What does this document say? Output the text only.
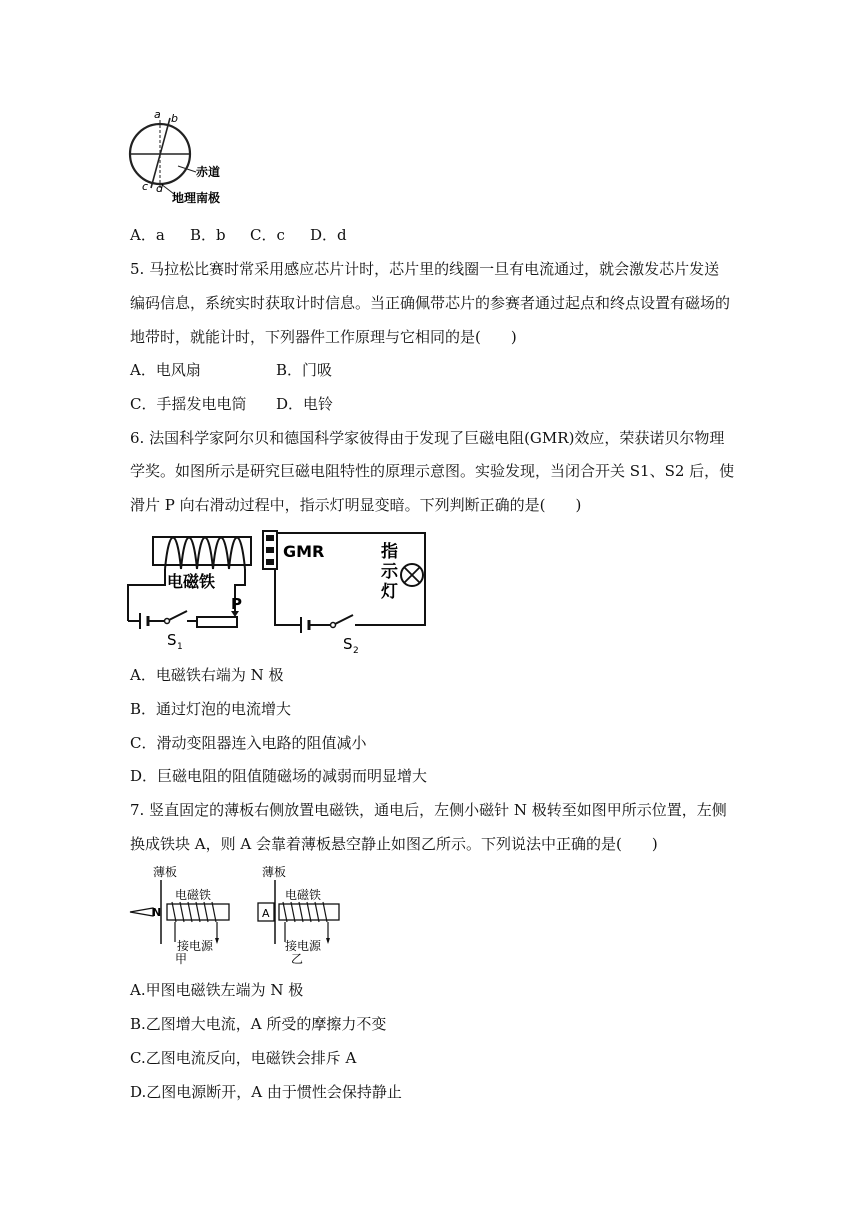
a b
c d
赤道
地理南极
A．a B．b C．c D．d
5. 马拉松比赛时常采用感应芯片计时，芯片里的线圈一旦有电流通过，就会激发芯片发送
编码信息，系统实时获取计时信息。当正确佩带芯片的参赛者通过起点和终点设置有磁场的
地带时，就能计时，下列器件工作原理与它相同的是(　　)
A．电风扇	B．门吸
C．手摇发电电筒 D．电铃
6. 法国科学家阿尔贝和德国科学家彼得由于发现了巨磁电阻(GMR)效应，荣获诺贝尔物理
学奖。如图所示是研究巨磁电阻特性的原理示意图。实验发现，当闭合开关 S1、S2 后，使
滑片 P 向右滑动过程中，指示灯明显变暗。下列判断正确的是(　　)
电磁铁
GMR	指
示
灯
P
S 1	S 2
A．电磁铁右端为 N 极
B．通过灯泡的电流增大
C．滑动变阻器连入电路的阻值减小
D．巨磁电阻的阻值随磁场的减弱而明显增大
7. 竖直固定的薄板右侧放置电磁铁，通电后，左侧小磁针 N 极转至如图甲所示位置，左侧
换成铁块 A，则 A 会靠着薄板悬空静止如图乙所示。下列说法中正确的是(　　)
薄板
N
电磁铁
接电源
甲
薄板
A
电磁铁
接电源
乙
A.甲图电磁铁左端为 N 极
B.乙图增大电流，A 所受的摩擦力不变
C.乙图电流反向，电磁铁会排斥 A
D.乙图电源断开，A 由于惯性会保持静止
